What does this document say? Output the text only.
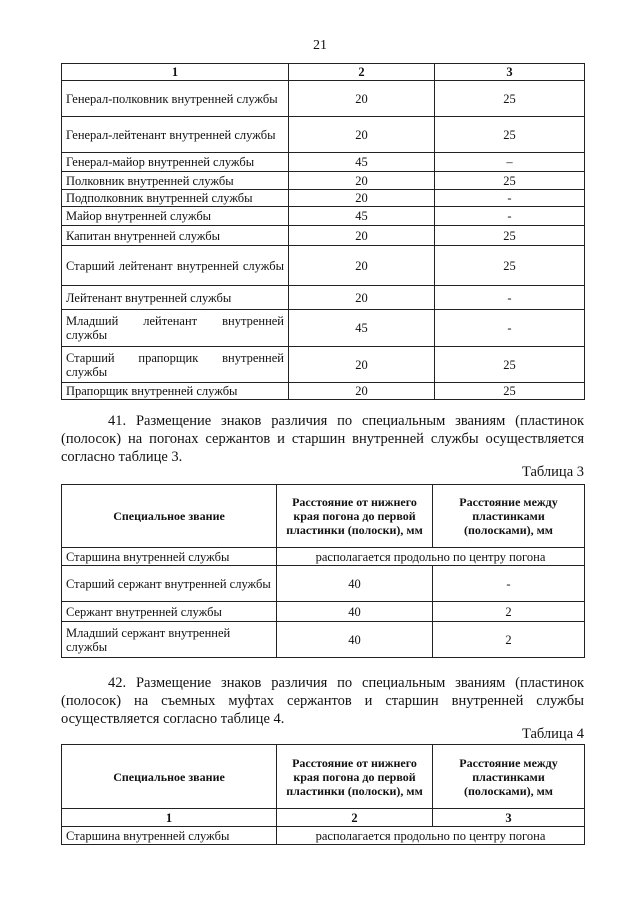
21
1	2	3
Генерал-полковник внутренней службы	20	25
Генерал-лейтенант внутренней службы	20	25
Генерал-майор внутренней службы	45	–
Полковник внутренней службы	20	25
Подполковник внутренней службы	20	-
Майор внутренней службы	45	-
Капитан внутренней службы	20	25
Старший лейтенант внутренней службы	20	25
Лейтенант внутренней службы	20	-
Младший лейтенант внутренней службы	45	-
Старший прапорщик внутренней службы	20	25
Прапорщик внутренней службы	20	25
41. Размещение знаков различия по специальным званиям (пластинок
(полосок) на погонах сержантов и старшин внутренней службы осуществляется
согласно таблице 3.
Таблица 3
Специальное звание	Расстояние от нижнего края погона до первой пластинки (полоски), мм	Расстояние между пластинками (полосками), мм
Старшина внутренней службы	располагается продольно по центру погона	
Старший сержант внутренней службы	40	-
Сержант внутренней службы	40	2
Младший сержант внутренней службы	40	2
42. Размещение знаков различия по специальным званиям (пластинок
(полосок) на съемных муфтах сержантов и старшин внутренней службы
осуществляется согласно таблице 4.
Таблица 4
Специальное звание	Расстояние от нижнего края погона до первой пластинки (полоски), мм	Расстояние между пластинками (полосками), мм
1	2	3
Старшина внутренней службы	располагается продольно по центру погона	
